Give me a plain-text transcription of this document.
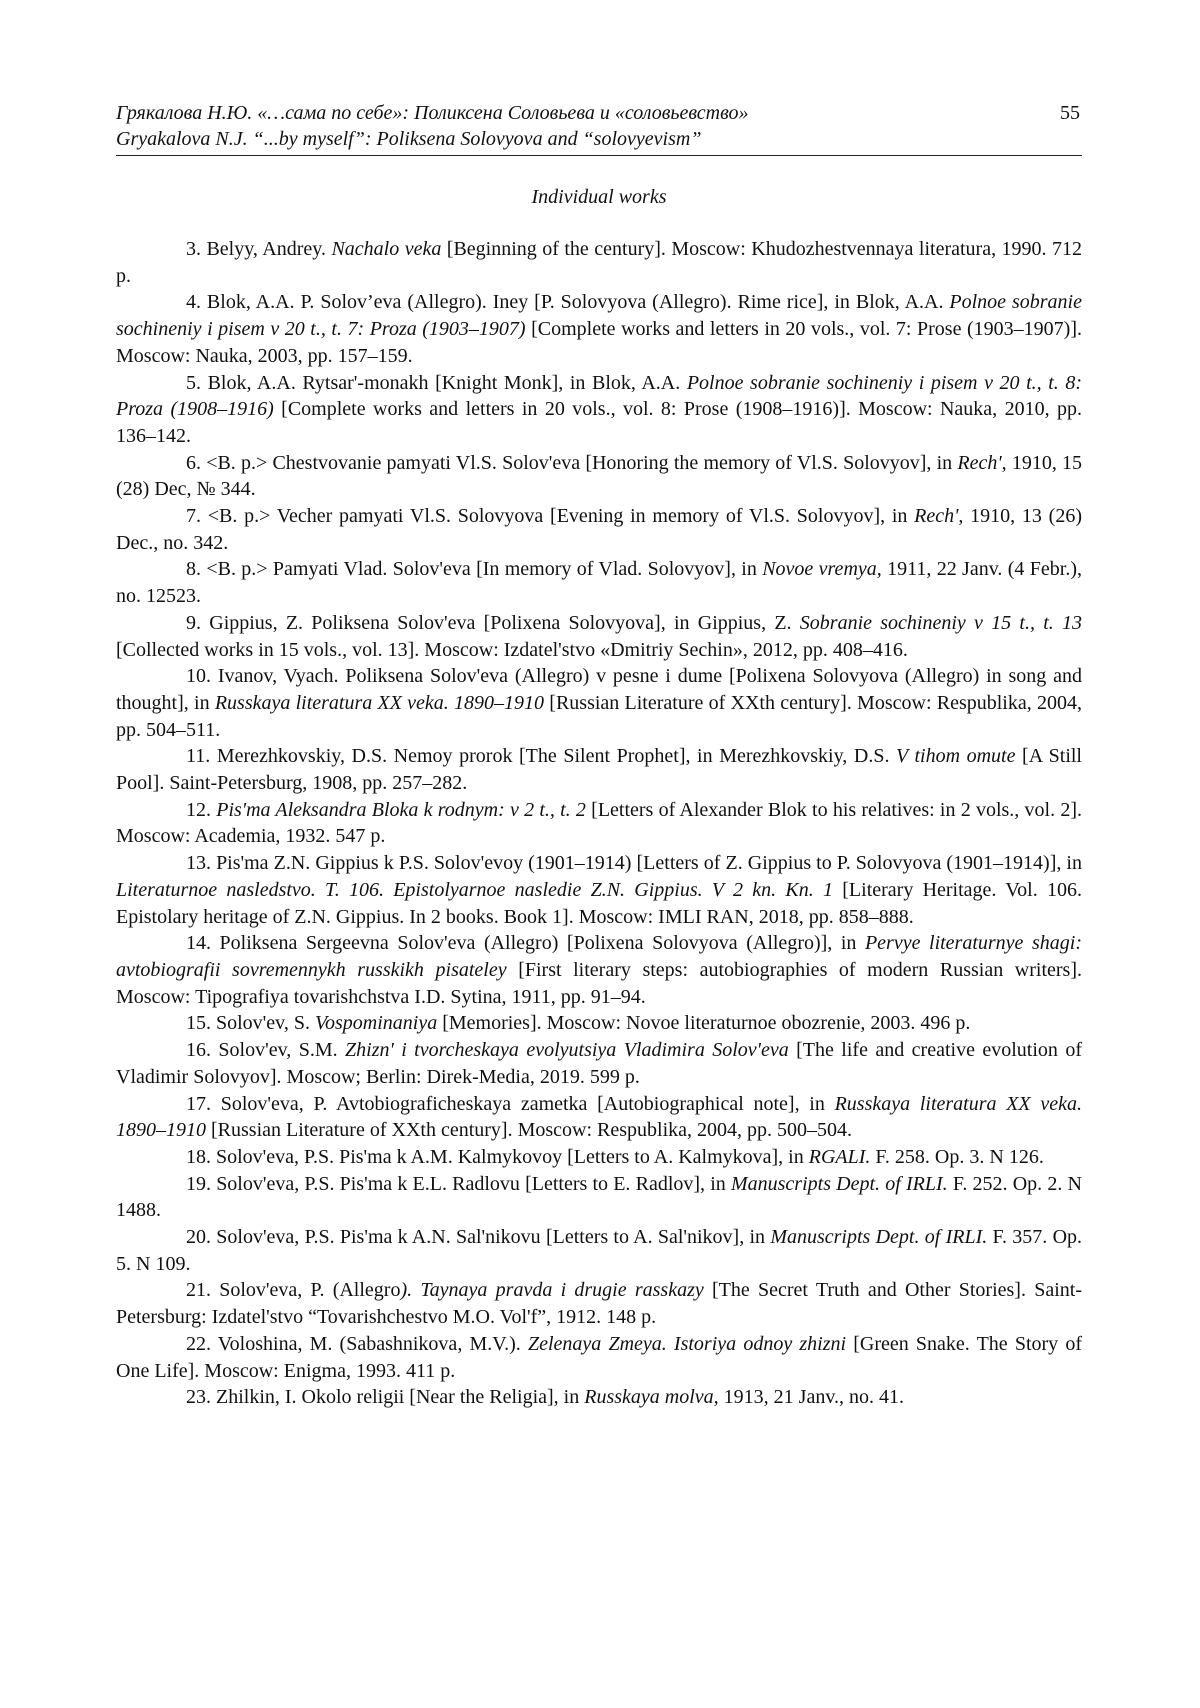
Грякалова Н.Ю. «…сама по себе»: Поликсена Соловьева и «соловьевство»
Gryakalova N.J. “...by myself”: Poliksena Solovyova and “solovyevism”
55
Individual works

3. Belyy, Andrey. Nachalo veka [Beginning of the century]. Moscow: Khudozhestvennaya literatura, 1990. 712 p.

4. Blok, A.A. P. Solov’eva (Allegro). Iney [P. Solovyova (Allegro). Rime rice], in Blok, A.A. Polnoe sobranie sochineniy i pisem v 20 t., t. 7: Proza (1903–1907) [Complete works and letters in 20 vols., vol. 7: Prose (1903–1907)]. Moscow: Nauka, 2003, pp. 157–159.

5. Blok, A.A. Rytsar'-monakh [Knight Monk], in Blok, A.A. Polnoe sobranie sochineniy i pisem v 20 t., t. 8: Proza (1908–1916) [Complete works and letters in 20 vols., vol. 8: Prose (1908–1916)]. Moscow: Nauka, 2010, pp. 136–142.

6. <B. p.> Chestvovanie pamyati Vl.S. Solov'eva [Honoring the memory of Vl.S. Solovyov], in Rech', 1910, 15 (28) Dec, № 344.

7. <B. p.> Vecher pamyati Vl.S. Solovyova [Evening in memory of Vl.S. Solovyov], in Rech', 1910, 13 (26) Dec., no. 342.

8. <B. p.> Pamyati Vlad. Solov'eva [In memory of Vlad. Solovyov], in Novoe vremya, 1911, 22 Janv. (4 Febr.), no. 12523.

9. Gippius, Z. Poliksena Solov'eva [Polixena Solovyova], in Gippius, Z. Sobranie sochineniy v 15 t., t. 13 [Collected works in 15 vols., vol. 13]. Moscow: Izdatel'stvo «Dmitriy Sechin», 2012, pp. 408–416.

10. Ivanov, Vyach. Poliksena Solov'eva (Allegro) v pesne i dume [Polixena Solovyova (Allegro) in song and thought], in Russkaya literatura XX veka. 1890–1910 [Russian Literature of XXth century]. Moscow: Respublika, 2004, pp. 504–511.

11. Merezhkovskiy, D.S. Nemoy prorok [The Silent Prophet], in Merezhkovskiy, D.S. V tihom omute [A Still Pool]. Saint-Petersburg, 1908, pp. 257–282.

12. Pis'ma Aleksandra Bloka k rodnym: v 2 t., t. 2 [Letters of Alexander Blok to his relatives: in 2 vols., vol. 2]. Moscow: Academia, 1932. 547 p.

13. Pis'ma Z.N. Gippius k P.S. Solov'evoy (1901–1914) [Letters of Z. Gippius to P. Solovyova (1901–1914)], in Literaturnoe nasledstvo. T. 106. Epistolyarnoe nasledie Z.N. Gippius. V 2 kn. Kn. 1 [Literary Heritage. Vol. 106. Epistolary heritage of Z.N. Gippius. In 2 books. Book 1]. Moscow: IMLI RAN, 2018, pp. 858–888.

14. Poliksena Sergeevna Solov'eva (Allegro) [Polixena Solovyova (Allegro)], in Pervye literaturnye shagi: avtobiografii sovremennykh russkikh pisateley [First literary steps: autobiographies of modern Russian writers]. Moscow: Tipografiya tovarishchstva I.D. Sytina, 1911, pp. 91–94.

15. Solov'ev, S. Vospominaniya [Memories]. Moscow: Novoe literaturnoe obozrenie, 2003. 496 p.

16. Solov'ev, S.M. Zhizn' i tvorcheskaya evolyutsiya Vladimira Solov'eva [The life and creative evolution of Vladimir Solovyov]. Moscow; Berlin: Direk-Media, 2019. 599 p.

17. Solov'eva, P. Avtobiograficheskaya zametka [Autobiographical note], in Russkaya literatura XX veka. 1890–1910 [Russian Literature of XXth century]. Moscow: Respublika, 2004, pp. 500–504.

18. Solov'eva, P.S. Pis'ma k A.M. Kalmykovoy [Letters to A. Kalmykova], in RGALI. F. 258. Op. 3. N 126.

19. Solov'eva, P.S. Pis'ma k E.L. Radlovu [Letters to E. Radlov], in Manuscripts Dept. of IRLI. F. 252. Op. 2. N 1488.

20. Solov'eva, P.S. Pis'ma k A.N. Sal'nikovu [Letters to A. Sal'nikov], in Manuscripts Dept. of IRLI. F. 357. Op. 5. N 109.

21. Solov'eva, P. (Allegro). Taynaya pravda i drugie rasskazy [The Secret Truth and Other Stories]. Saint-Petersburg: Izdatel'stvo “Tovarishchestvo M.O. Vol'f”, 1912. 148 p.

22. Voloshina, M. (Sabashnikova, M.V.). Zelenaya Zmeya. Istoriya odnoy zhizni [Green Snake. The Story of One Life]. Moscow: Enigma, 1993. 411 p.

23. Zhilkin, I. Okolo religii [Near the Religia], in Russkaya molva, 1913, 21 Janv., no. 41.
